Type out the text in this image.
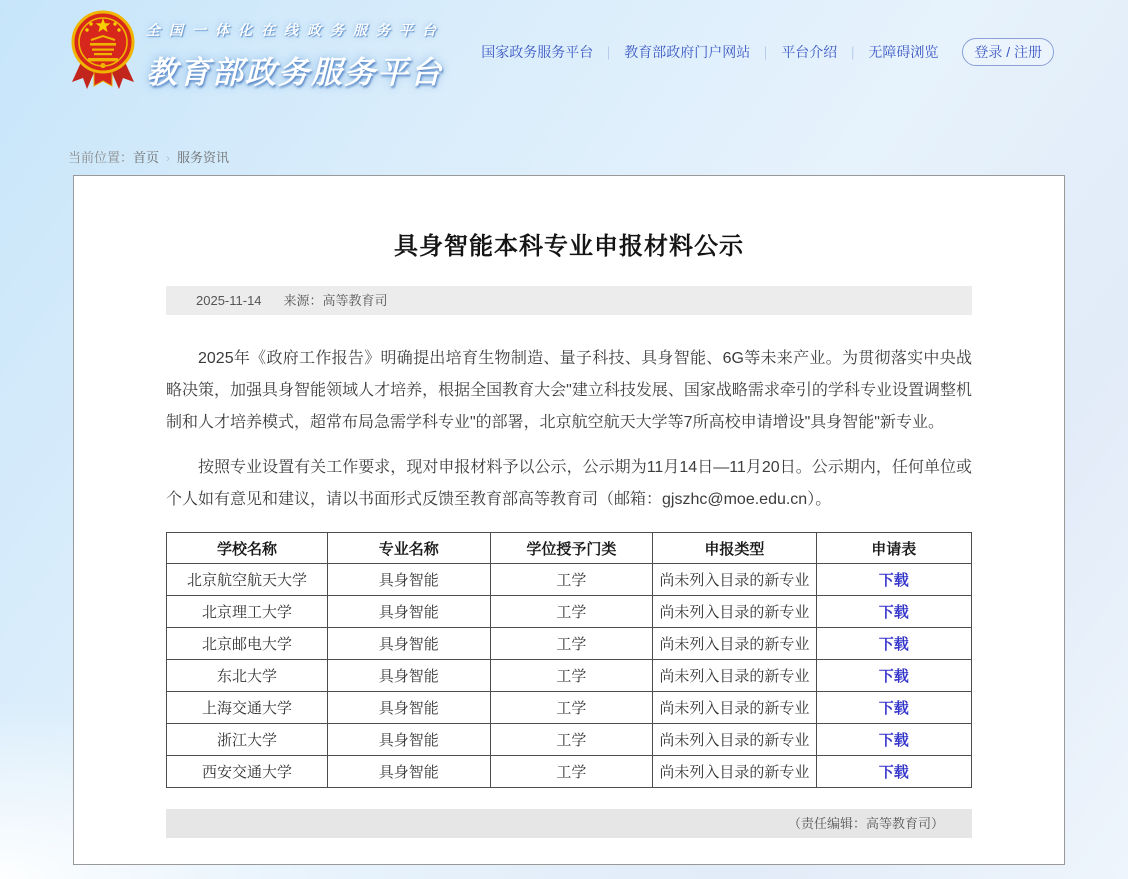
全国一体化在线政务服务平台
教育部政务服务平台
国家政务服务平台 ｜ 教育部政府门户网站 ｜ 平台介绍 ｜ 无障碍浏览	登录 / 注册
当前位置：首页 › 服务资讯
具身智能本科专业申报材料公示
2025-11-14 来源：高等教育司

2025年《政府工作报告》明确提出培育生物制造、量子科技、具身智能、6G等未来产业。为贯彻落实中央战略决策，加强具身智能领域人才培养，根据全国教育大会"建立科技发展、国家战略需求牵引的学科专业设置调整机制和人才培养模式，超常布局急需学科专业"的部署，北京航空航天大学等7所高校申请增设"具身智能"新专业。

按照专业设置有关工作要求，现对申报材料予以公示，公示期为11月14日—11月20日。公示期内，任何单位或个人如有意见和建议，请以书面形式反馈至教育部高等教育司（邮箱：gjszhc@moe.edu.cn）。

学校名称	专业名称	学位授予门类	申报类型	申请表
北京航空航天大学	具身智能	工学	尚未列入目录的新专业	下载
北京理工大学	具身智能	工学	尚未列入目录的新专业	下载
北京邮电大学	具身智能	工学	尚未列入目录的新专业	下载
东北大学	具身智能	工学	尚未列入目录的新专业	下载
上海交通大学	具身智能	工学	尚未列入目录的新专业	下载
浙江大学	具身智能	工学	尚未列入目录的新专业	下载
西安交通大学	具身智能	工学	尚未列入目录的新专业	下载
（责任编辑：高等教育司）
